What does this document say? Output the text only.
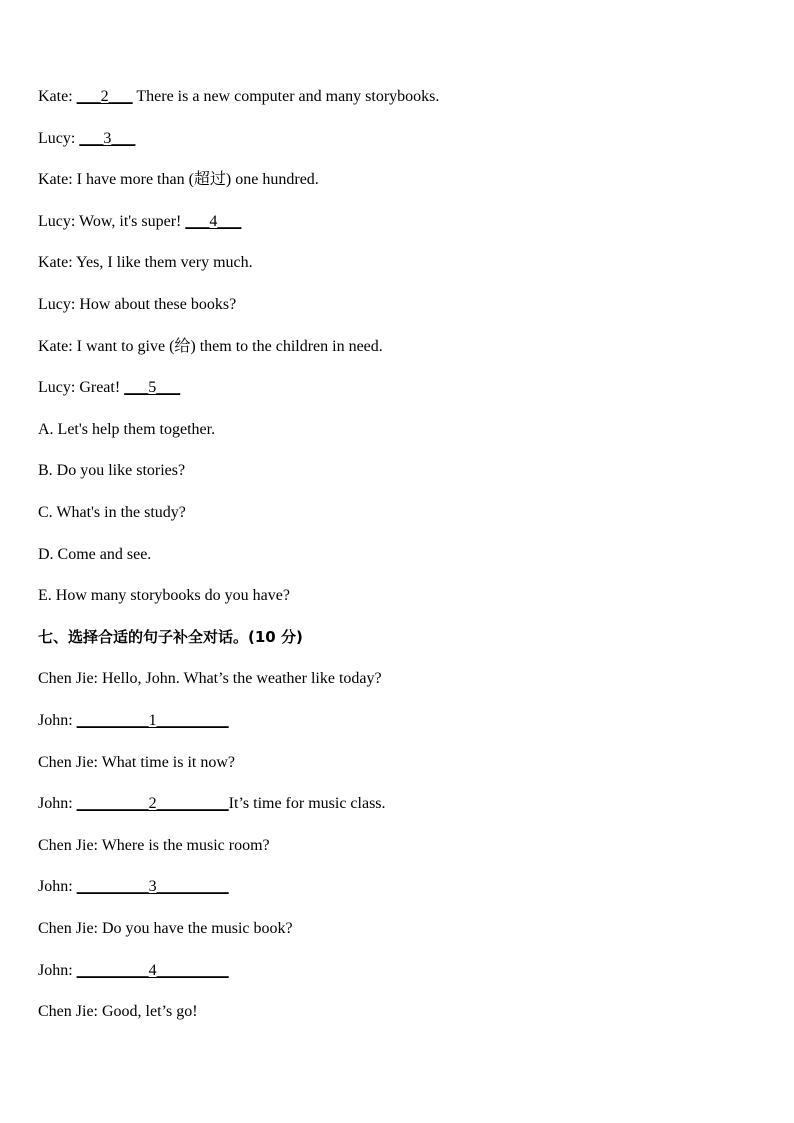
Kate: ___2___ There is a new computer and many storybooks.
Lucy: ___3___
Kate: I have more than (超过) one hundred.
Lucy: Wow, it's super! ___4___
Kate: Yes, I like them very much.
Lucy: How about these books?
Kate: I want to give (给) them to the children in need.
Lucy: Great! ___5___
A. Let's help them together.
B. Do you like stories?
C. What's in the study?
D. Come and see.
E. How many storybooks do you have?
七、选择合适的句子补全对话。(10 分)
Chen Jie: Hello, John. What’s the weather like today?
John: _________1_________
Chen Jie: What time is it now?
John: _________2_________It’s time for music class.
Chen Jie: Where is the music room?
John: _________3_________
Chen Jie: Do you have the music book?
John: _________4_________
Chen Jie: Good, let’s go!
